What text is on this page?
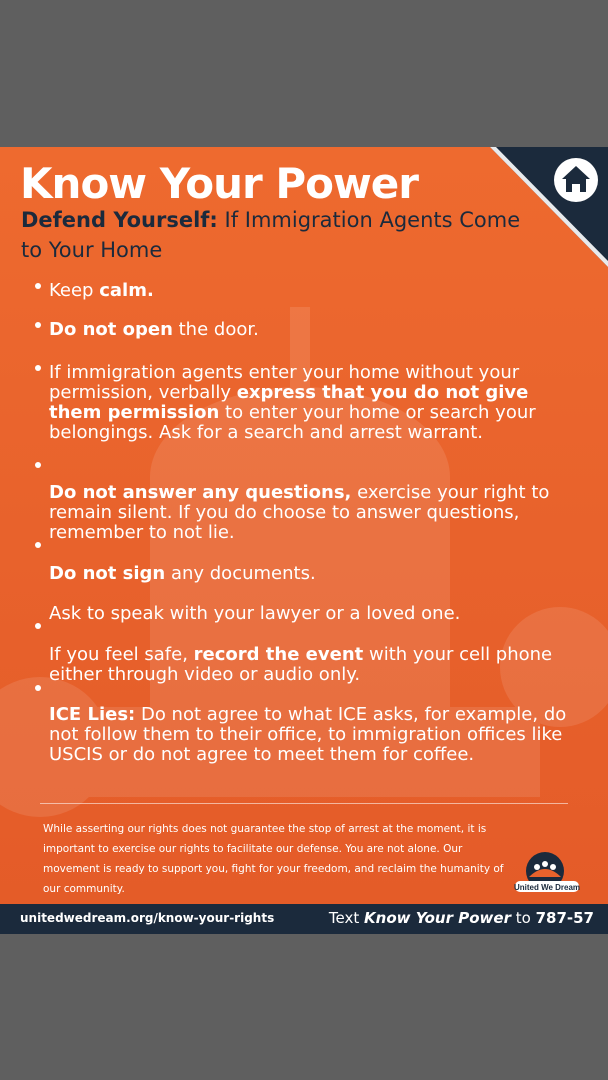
Know Your Power

Defend Yourself: If Immigration Agents Come to Your Home

Keep calm.
Do not open the door.
If immigration agents enter your home without your permission, verbally express that you do not give them permission to enter your home or search your belongings. Ask for a search and arrest warrant.
Do not answer any questions, exercise your right to remain silent. If you do choose to answer questions, remember to not lie.
Do not sign any documents.
Ask to speak with your lawyer or a loved one.
If you feel safe, record the event with your cell phone either through video or audio only.
ICE Lies: Do not agree to what ICE asks, for example, do not follow them to their office, to immigration offices like USCIS or do not agree to meet them for coffee.

While asserting our rights does not guarantee the stop of arrest at the moment, it is important to exercise our rights to facilitate our defense. You are not alone. Our movement is ready to support you, fight for your freedom, and reclaim the humanity of our community.	United We Dream
unitedwedream.org/know-your-rights	Text Know Your Power to 787-57
